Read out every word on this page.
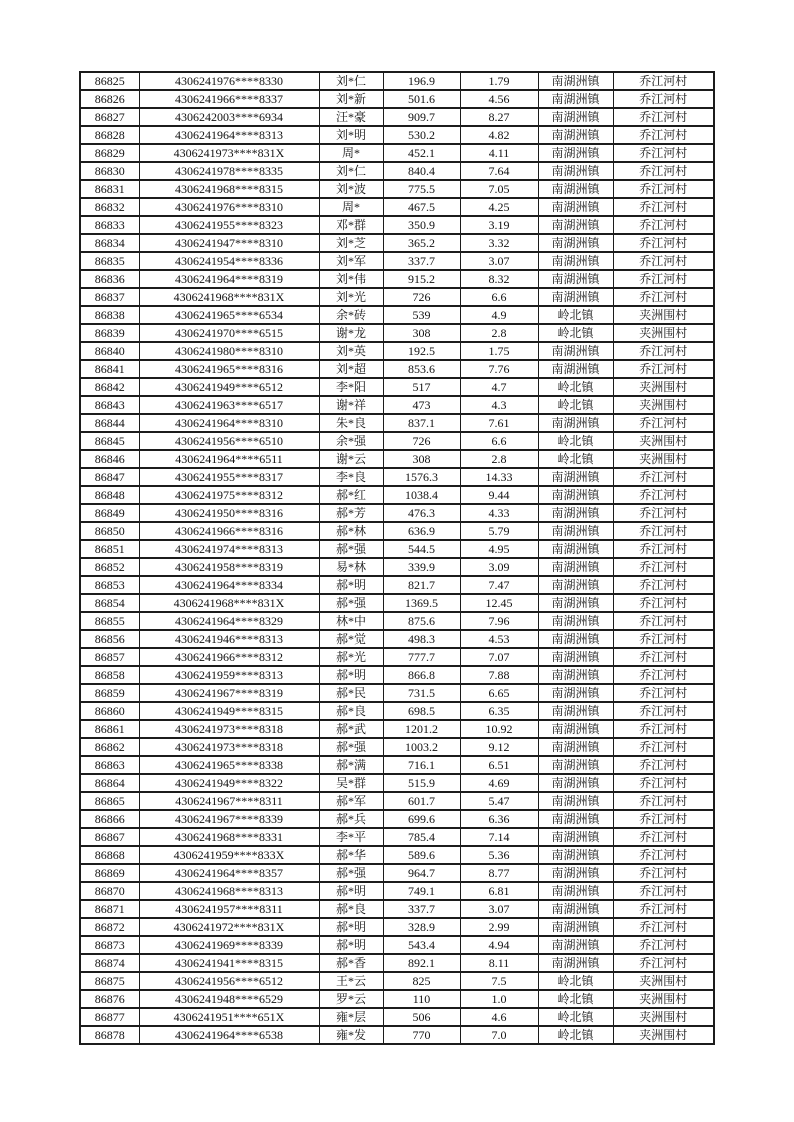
86825	4306241976****8330	刘*仁	196.9	1.79	南湖洲镇	乔江河村
86826	4306241966****8337	刘*新	501.6	4.56	南湖洲镇	乔江河村
86827	4306242003****6934	汪*豪	909.7	8.27	南湖洲镇	乔江河村
86828	4306241964****8313	刘*明	530.2	4.82	南湖洲镇	乔江河村
86829	4306241973****831X	周*	452.1	4.11	南湖洲镇	乔江河村
86830	4306241978****8335	刘*仁	840.4	7.64	南湖洲镇	乔江河村
86831	4306241968****8315	刘*波	775.5	7.05	南湖洲镇	乔江河村
86832	4306241976****8310	周*	467.5	4.25	南湖洲镇	乔江河村
86833	4306241955****8323	邓*群	350.9	3.19	南湖洲镇	乔江河村
86834	4306241947****8310	刘*芝	365.2	3.32	南湖洲镇	乔江河村
86835	4306241954****8336	刘*军	337.7	3.07	南湖洲镇	乔江河村
86836	4306241964****8319	刘*伟	915.2	8.32	南湖洲镇	乔江河村
86837	4306241968****831X	刘*光	726	6.6	南湖洲镇	乔江河村
86838	4306241965****6534	余*砖	539	4.9	岭北镇	夹洲围村
86839	4306241970****6515	谢*龙	308	2.8	岭北镇	夹洲围村
86840	4306241980****8310	刘*英	192.5	1.75	南湖洲镇	乔江河村
86841	4306241965****8316	刘*超	853.6	7.76	南湖洲镇	乔江河村
86842	4306241949****6512	李*阳	517	4.7	岭北镇	夹洲围村
86843	4306241963****6517	谢*祥	473	4.3	岭北镇	夹洲围村
86844	4306241964****8310	朱*良	837.1	7.61	南湖洲镇	乔江河村
86845	4306241956****6510	余*强	726	6.6	岭北镇	夹洲围村
86846	4306241964****6511	谢*云	308	2.8	岭北镇	夹洲围村
86847	4306241955****8317	李*良	1576.3	14.33	南湖洲镇	乔江河村
86848	4306241975****8312	郝*红	1038.4	9.44	南湖洲镇	乔江河村
86849	4306241950****8316	郝*芳	476.3	4.33	南湖洲镇	乔江河村
86850	4306241966****8316	郝*林	636.9	5.79	南湖洲镇	乔江河村
86851	4306241974****8313	郝*强	544.5	4.95	南湖洲镇	乔江河村
86852	4306241958****8319	易*林	339.9	3.09	南湖洲镇	乔江河村
86853	4306241964****8334	郝*明	821.7	7.47	南湖洲镇	乔江河村
86854	4306241968****831X	郝*强	1369.5	12.45	南湖洲镇	乔江河村
86855	4306241964****8329	林*中	875.6	7.96	南湖洲镇	乔江河村
86856	4306241946****8313	郝*觉	498.3	4.53	南湖洲镇	乔江河村
86857	4306241966****8312	郝*光	777.7	7.07	南湖洲镇	乔江河村
86858	4306241959****8313	郝*明	866.8	7.88	南湖洲镇	乔江河村
86859	4306241967****8319	郝*民	731.5	6.65	南湖洲镇	乔江河村
86860	4306241949****8315	郝*良	698.5	6.35	南湖洲镇	乔江河村
86861	4306241973****8318	郝*武	1201.2	10.92	南湖洲镇	乔江河村
86862	4306241973****8318	郝*强	1003.2	9.12	南湖洲镇	乔江河村
86863	4306241965****8338	郝*满	716.1	6.51	南湖洲镇	乔江河村
86864	4306241949****8322	吴*群	515.9	4.69	南湖洲镇	乔江河村
86865	4306241967****8311	郝*军	601.7	5.47	南湖洲镇	乔江河村
86866	4306241967****8339	郝*兵	699.6	6.36	南湖洲镇	乔江河村
86867	4306241968****8331	李*平	785.4	7.14	南湖洲镇	乔江河村
86868	4306241959****833X	郝*华	589.6	5.36	南湖洲镇	乔江河村
86869	4306241964****8357	郝*强	964.7	8.77	南湖洲镇	乔江河村
86870	4306241968****8313	郝*明	749.1	6.81	南湖洲镇	乔江河村
86871	4306241957****8311	郝*良	337.7	3.07	南湖洲镇	乔江河村
86872	4306241972****831X	郝*明	328.9	2.99	南湖洲镇	乔江河村
86873	4306241969****8339	郝*明	543.4	4.94	南湖洲镇	乔江河村
86874	4306241941****8315	郝*香	892.1	8.11	南湖洲镇	乔江河村
86875	4306241956****6512	王*云	825	7.5	岭北镇	夹洲围村
86876	4306241948****6529	罗*云	110	1.0	岭北镇	夹洲围村
86877	4306241951****651X	雍*层	506	4.6	岭北镇	夹洲围村
86878	4306241964****6538	雍*发	770	7.0	岭北镇	夹洲围村
